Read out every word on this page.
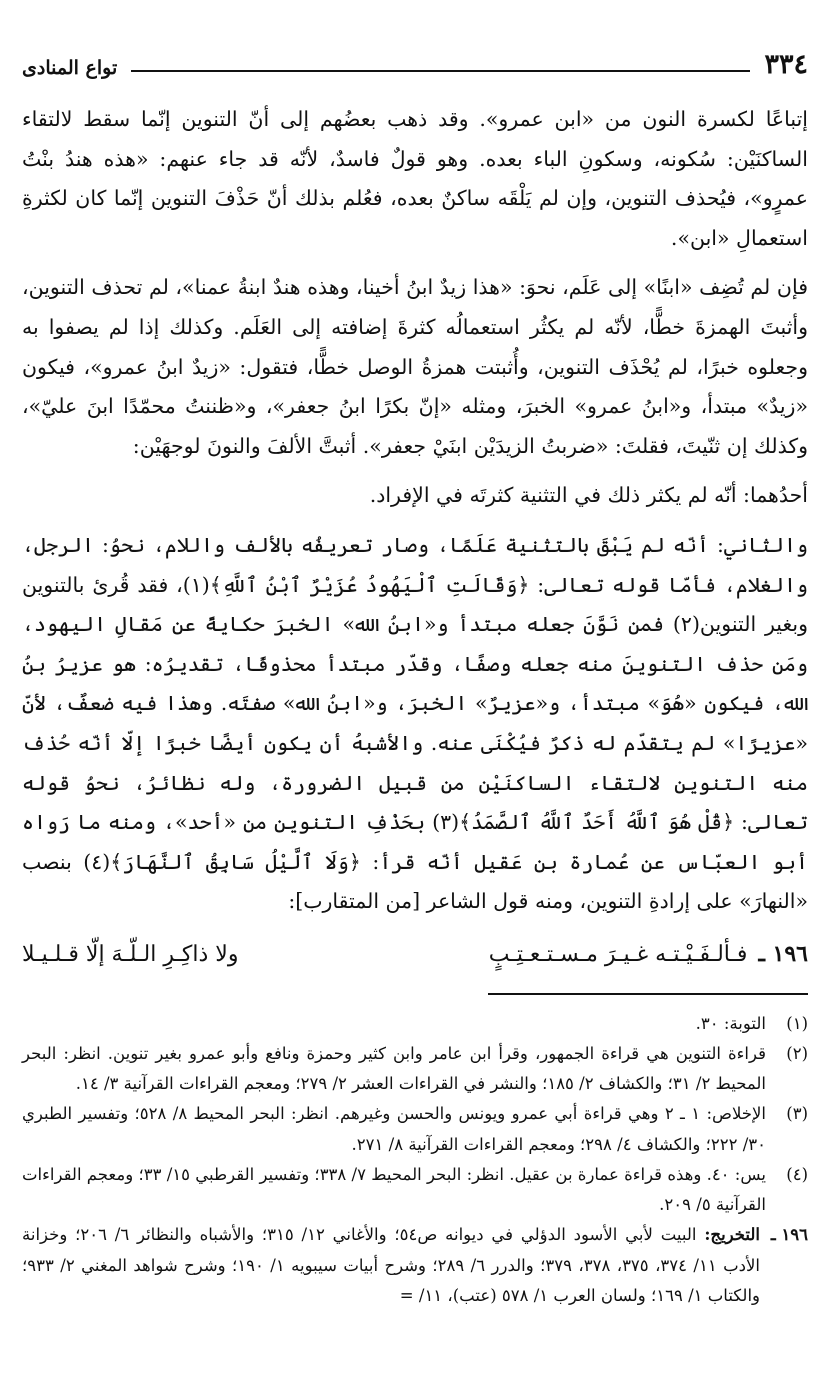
٣٣٤
تواع المنادى

إتباعًا لكسرة النون من «ابن عمرو». وقد ذهب بعضُهم إلى أنّ التنوين إنّما سقط لالتقاء الساكنَيْن: سُكونه، وسكونِ الباء بعده. وهو قولٌ فاسدٌ، لأنّه قد جاء عنهم: «هذه هندُ بنْتُ عمرٍو»، فيُحذف التنوين، وإن لم يَلْقَه ساكنٌ بعده، فعُلم بذلك أنّ حَذْفَ التنوين إنّما كان لكثرةِ استعمالِ «ابن».

فإن لم تُضِف «ابنًا» إلى عَلَم، نحوَ: «هذا زيدٌ ابنُ أخينا، وهذه هندٌ ابنةُ عمنا»، لم تحذف التنوين، وأثبتَ الهمزةَ خطًّا، لأنّه لم يكثُر استعمالُه كثرةَ إضافته إلى العَلَم. وكذلك إذا لم يصفوا به وجعلوه خبرًا، لم يُحْذَف التنوين، وأُثبتت همزةُ الوصل خطًّا، فتقول: «زيدٌ ابنُ عمرو»، فيكون «زيدٌ» مبتدأ، و«ابنُ عمرو» الخبرَ، ومثله «إنّ بكرًا ابنُ جعفر»، و«ظننتُ محمّدًا ابنَ عليّ»، وكذلك إن ثنّيتَ، فقلتَ: «ضربتُ الزيدَيْن ابنَيْ جعفر». أثبتَّ الألفَ والنونَ لوجهَيْن:

أحدُهما: أنّه لم يكثر ذلك في التثنية كثرتَه في الإفراد.

والثاني: أنّه لم يَبْقَ بالتثنية عَلَمًا، وصار تعريفُه بالألف واللام، نحوُ: الرجل، والغلام، فأمّا قوله تعالى: ﴿وَقَالَتِ ٱلْيَهُودُ عُزَيْرٌ ٱبْنُ ٱللَّهِ﴾(١)، فقد قُرئ بالتنوين وبغير التنوين(٢) فمن نَوَّنَ جعله مبتدأ و«ابنُ الله» الخبرَ حكايةً عن مَقالِ اليهود، ومَن حذف التنوينَ منه جعله وصفًا، وقدّر مبتدأ محذوفًا، تقديرُه: هو عزيرُ بنُ الله، فيكون «هُوَ» مبتدأ، و«عزيرٌ» الخبرَ، و«ابنُ الله» صفتَه. وهذا فيه ضعفٌ، لأنّ «عزيرًا» لم يتقدّم له ذكرٌ فيُكْنَى عنه. والأشبهُ أن يكون أيضًا خبرًا إلّا أنّه حُذف منه التنوين لالتقاء الساكنَيْن من قبيل الضرورة، وله نظائرُ، نحوُ قوله تعالى: ﴿قُلْ هُوَ ٱللَّهُ أَحَدٌ ٱللَّهُ ٱلصَّمَدُ﴾(٣) بحَذْفِ التنوين من «أحد»، ومنه ما رَواه أبو العبّاس عن عُمارة بن عَقيل أنّه قرأ: ﴿وَلَا ٱلَّيْلُ سَابِقُ ٱلنَّهَارَ﴾(٤) بنصب «النهارَ» على إرادةِ التنوين، ومنه قول الشاعر [من المتقارب]:

١٩٦ ـ فـألـفَـيْـتـه غـيـرَ مـسـتـعـتِـبٍ
ولا ذاكِـرِ الـلّـهَ إلّا قـلـيـلا
(١)
التوبة: ٣٠.
(٢)
قراءة التنوين هي قراءة الجمهور، وقرأ ابن عامر وابن كثير وحمزة ونافع وأبو عمرو بغير تنوين. انظر: البحر المحيط ٢/ ٣١؛ والكشاف ٢/ ١٨٥؛ والنشر في القراءات العشر ٢/ ٢٧٩؛ ومعجم القراءات القرآنية ٣/ ١٤.
(٣)
الإخلاص: ١ ـ ٢ وهي قراءة أبي عمرو ويونس والحسن وغيرهم. انظر: البحر المحيط ٨/ ٥٢٨؛ وتفسير الطبري ٣٠/ ٢٢٢؛ والكشاف ٤/ ٢٩٨؛ ومعجم القراءات القرآنية ٨/ ٢٧١.
(٤)
يس: ٤٠. وهذه قراءة عمارة بن عقيل. انظر: البحر المحيط ٧/ ٣٣٨؛ وتفسير القرطبي ١٥/ ٣٣؛ ومعجم القراءات القرآنية ٥/ ٢٠٩.
١٩٦ ـ
التخريج: البيت لأبي الأسود الدؤلي في ديوانه ص٥٤؛ والأغاني ١٢/ ٣١٥؛ والأشباه والنظائر ٦/ ٢٠٦؛ وخزانة الأدب ١١/ ٣٧٤، ٣٧٥، ٣٧٨، ٣٧٩؛ والدرر ٦/ ٢٨٩؛ وشرح أبيات سيبويه ١/ ١٩٠؛ وشرح شواهد المغني ٢/ ٩٣٣؛ والكتاب ١/ ١٦٩؛ ولسان العرب ١/ ٥٧٨ (عتب)، ١١/ =
